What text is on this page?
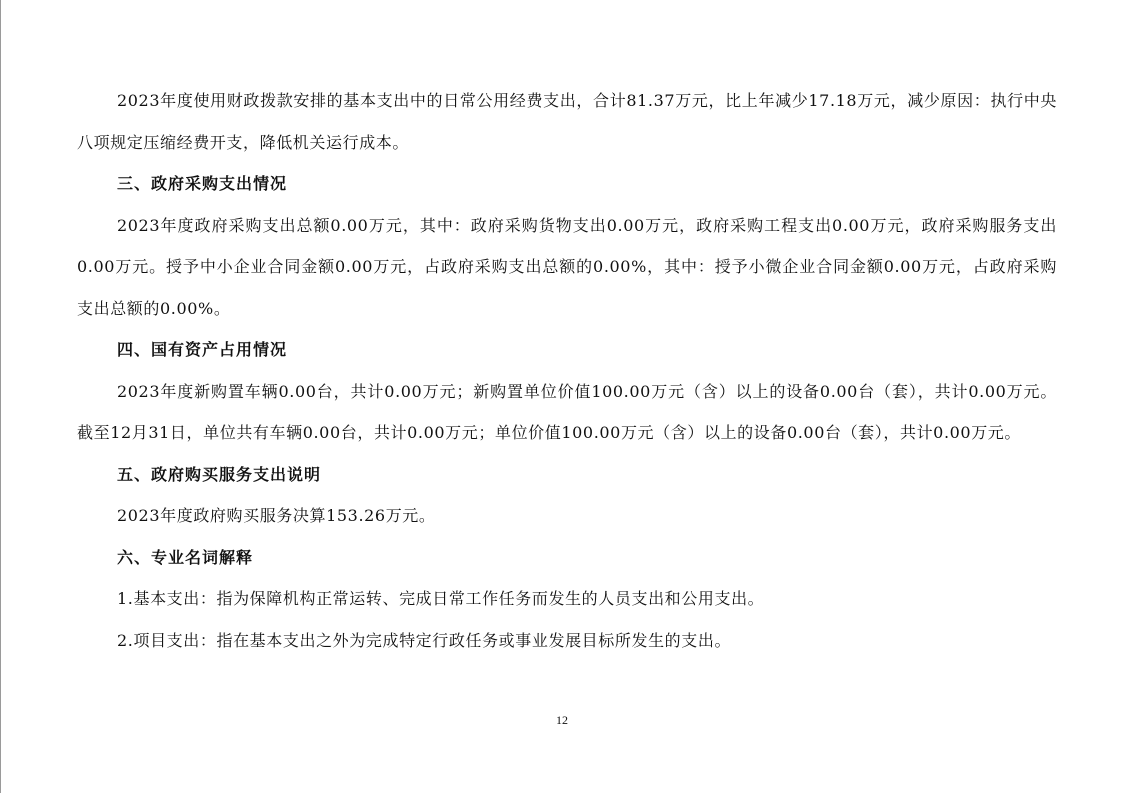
2023年度使用财政拨款安排的基本支出中的日常公用经费支出，合计81.37万元，比上年减少17.18万元，减少原因：执行中央八项规定压缩经费开支，降低机关运行成本。

三、政府采购支出情况

2023年度政府采购支出总额0.00万元，其中：政府采购货物支出0.00万元，政府采购工程支出0.00万元，政府采购服务支出0.00万元。授予中小企业合同金额0.00万元，占政府采购支出总额的0.00%，其中：授予小微企业合同金额0.00万元，占政府采购支出总额的0.00%。

四、国有资产占用情况

2023年度新购置车辆0.00台，共计0.00万元；新购置单位价值100.00万元（含）以上的设备0.00台（套），共计0.00万元。截至12月31日，单位共有车辆0.00台，共计0.00万元；单位价值100.00万元（含）以上的设备0.00台（套），共计0.00万元。

五、政府购买服务支出说明

2023年度政府购买服务决算153.26万元。

六、专业名词解释

1.基本支出：指为保障机构正常运转、完成日常工作任务而发生的人员支出和公用支出。

2.项目支出：指在基本支出之外为完成特定行政任务或事业发展目标所发生的支出。

12
